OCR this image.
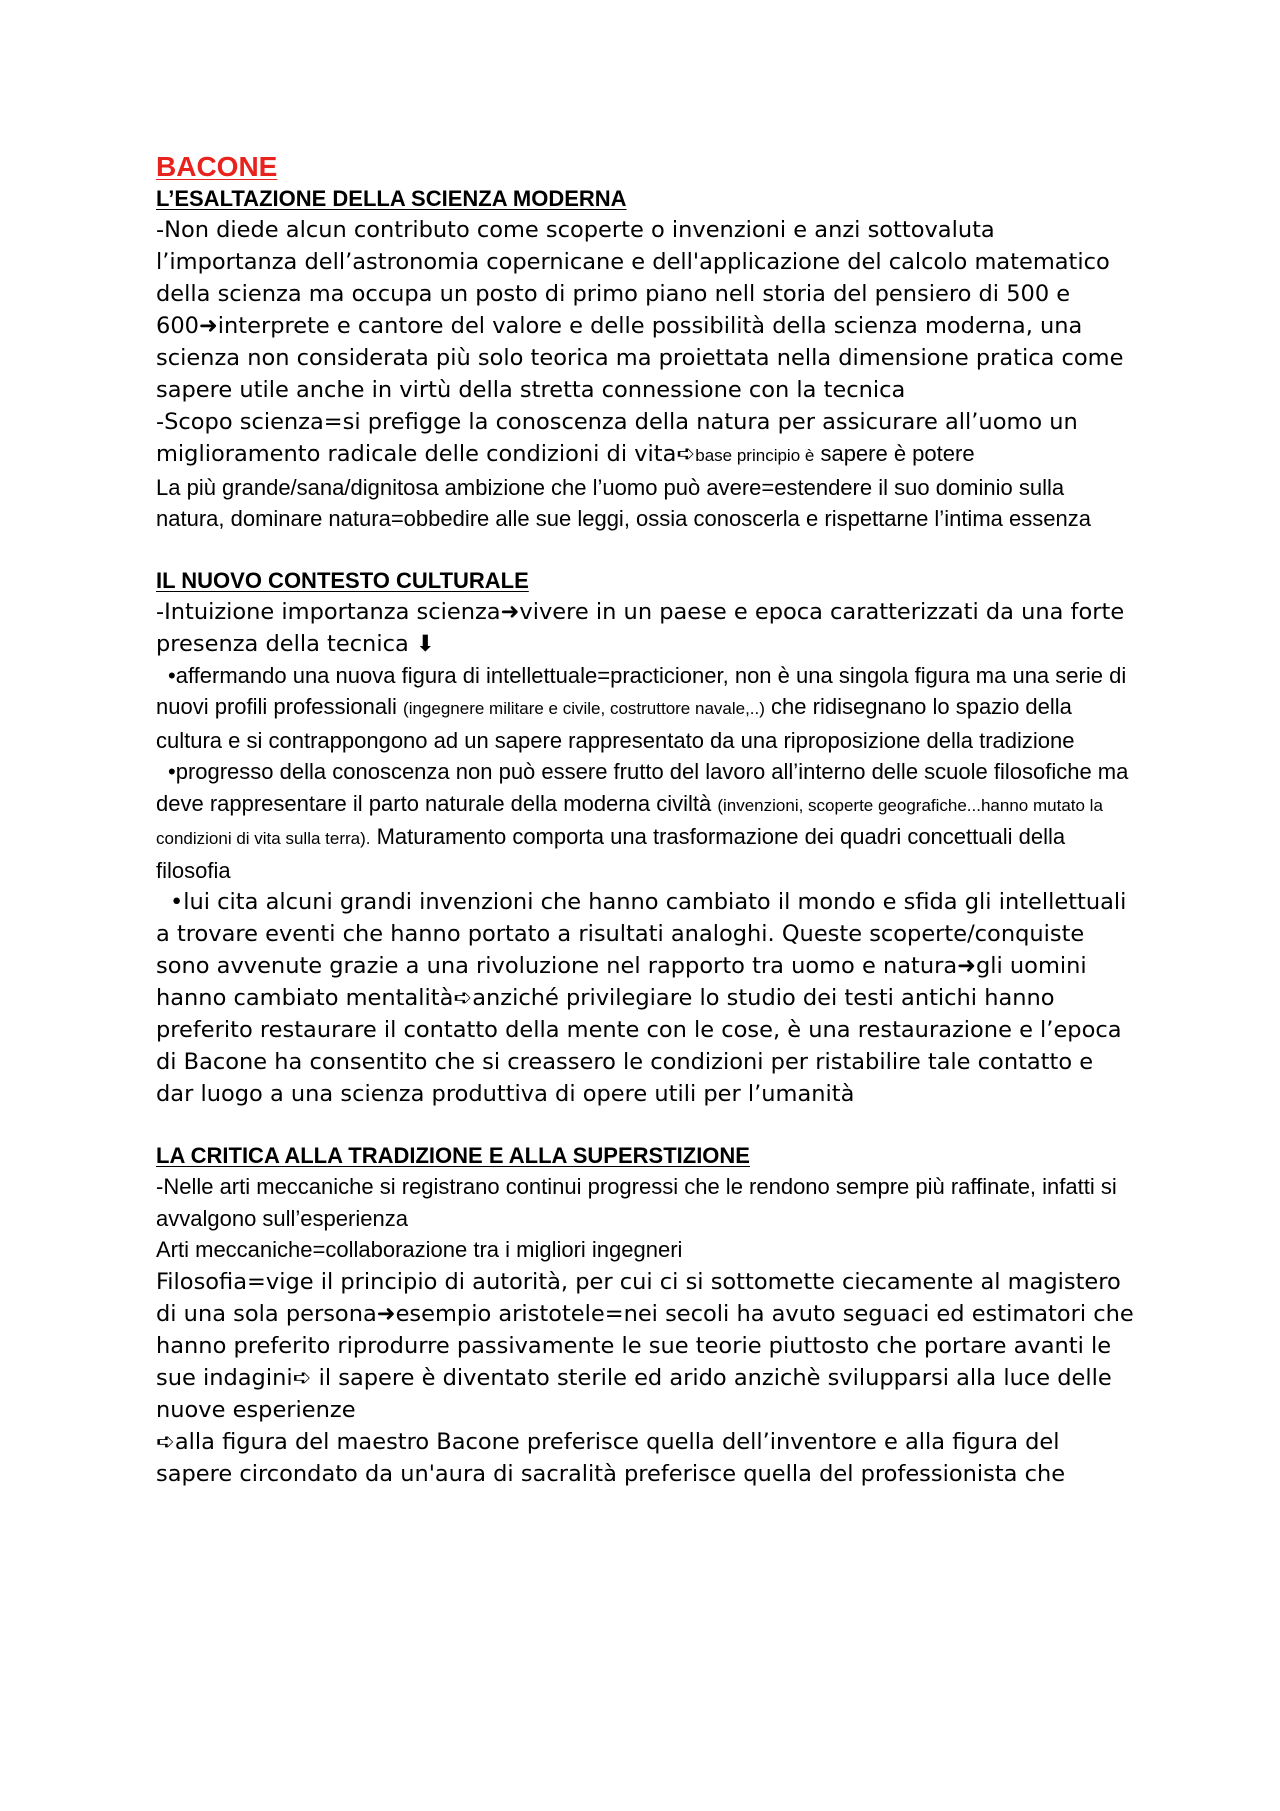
BACONE
L’ESALTAZIONE DELLA SCIENZA MODERNA

-Non diede alcun contributo come scoperte o invenzioni e anzi sottovaluta l’importanza dell’astronomia copernicane e dell'applicazione del calcolo matematico della scienza ma occupa un posto di primo piano nell storia del pensiero di 500 e 600➜interprete e cantore del valore e delle possibilità della scienza moderna, una scienza non considerata più solo teorica ma proiettata nella dimensione pratica come sapere utile anche in virtù della stretta connessione con la tecnica

-Scopo scienza=si prefigge la conoscenza della natura per assicurare all’uomo un miglioramento radicale delle condizioni di vita➪base principio è sapere è potere

La più grande/sana/dignitosa ambizione che l’uomo può avere=estendere il suo dominio sulla natura, dominare natura=obbedire alle sue leggi, ossia conoscerla e rispettarne l’intima essenza

IL NUOVO CONTESTO CULTURALE

-Intuizione importanza scienza➜vivere in un paese e epoca caratterizzati da una forte presenza della tecnica ⬇

•affermando una nuova figura di intellettuale=practicioner, non è una singola figura ma una serie di nuovi profili professionali (ingegnere militare e civile, costruttore navale,..) che ridisegnano lo spazio della cultura e si contrappongono ad un sapere rappresentato da una riproposizione della tradizione

•progresso della conoscenza non può essere frutto del lavoro all’interno delle scuole filosofiche ma deve rappresentare il parto naturale della moderna civiltà (invenzioni, scoperte geografiche...hanno mutato la condizioni di vita sulla terra). Maturamento comporta una trasformazione dei quadri concettuali della filosofia

•lui cita alcuni grandi invenzioni che hanno cambiato il mondo e sfida gli intellettuali a trovare eventi che hanno portato a risultati analoghi. Queste scoperte/conquiste sono avvenute grazie a una rivoluzione nel rapporto tra uomo e natura➜gli uomini hanno cambiato mentalità➪anziché privilegiare lo studio dei testi antichi hanno preferito restaurare il contatto della mente con le cose, è una restaurazione e l’epoca di Bacone ha consentito che si creassero le condizioni per ristabilire tale contatto e dar luogo a una scienza produttiva di opere utili per l’umanità

LA CRITICA ALLA TRADIZIONE E ALLA SUPERSTIZIONE

-Nelle arti meccaniche si registrano continui progressi che le rendono sempre più raffinate, infatti si avvalgono sull’esperienza

Arti meccaniche=collaborazione tra i migliori ingegneri

Filosofia=vige il principio di autorità, per cui ci si sottomette ciecamente al magistero di una sola persona➜esempio aristotele=nei secoli ha avuto seguaci ed estimatori che hanno preferito riprodurre passivamente le sue teorie piuttosto che portare avanti le sue indagini➪ il sapere è diventato sterile ed arido anzichè svilupparsi alla luce delle nuove esperienze

➪alla figura del maestro Bacone preferisce quella dell’inventore e alla figura del sapere circondato da un'aura di sacralità preferisce quella del professionista che
